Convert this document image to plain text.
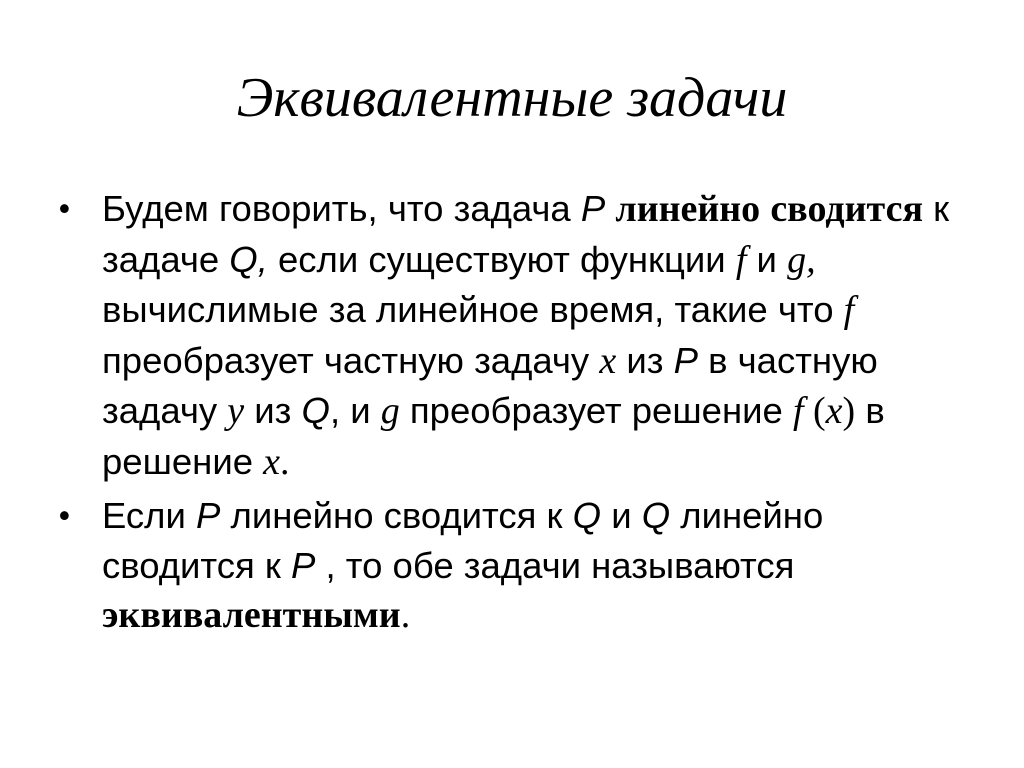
Эквивалентные задачи
• Будем говорить, что задача P линейно сводится к задаче Q, если существуют функции f и g, вычислимые за линейное время, такие что f преобразует частную задачу x из P в частную задачу y из Q, и g преобразует решение f (x) в решение x.
• Если P линейно сводится к Q и Q линейно сводится к P , то обе задачи называются эквивалентными.
